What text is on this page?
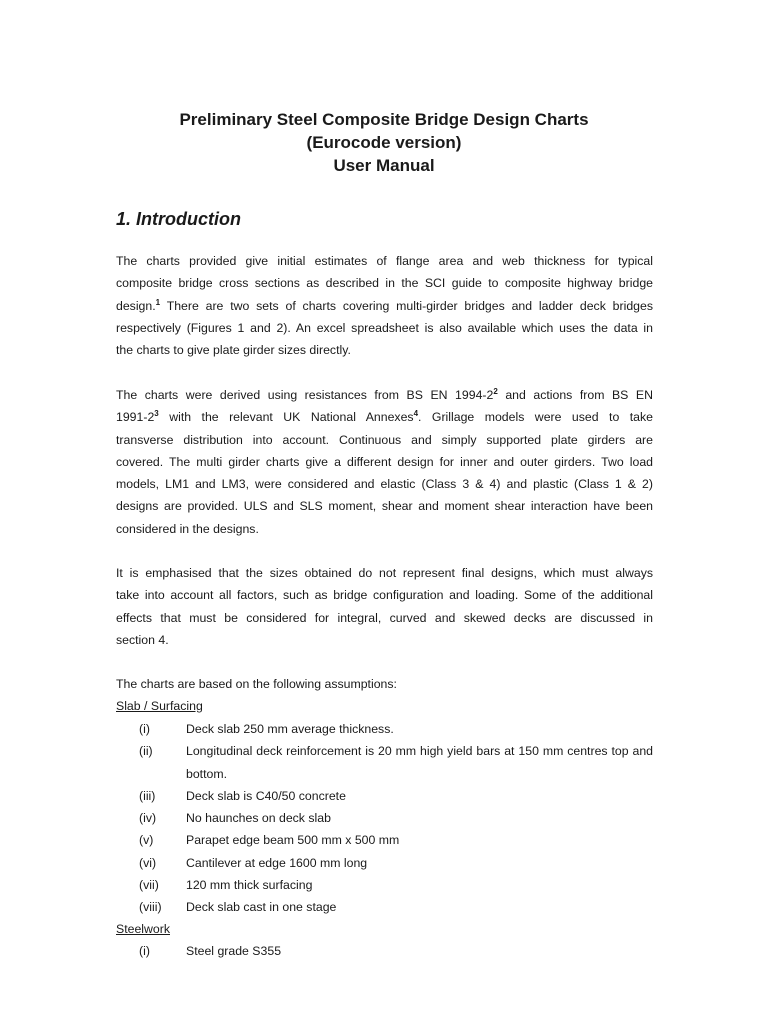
Preliminary Steel Composite Bridge Design Charts
(Eurocode version)
User Manual
1. Introduction
The charts provided give initial estimates of flange area and web thickness for typical
composite bridge cross sections as described in the SCI guide to composite highway bridge
design.$^1$ There are two sets of charts covering multi-girder bridges and ladder deck bridges
respectively (Figures 1 and 2). An excel spreadsheet is also available which uses the data in
the charts to give plate girder sizes directly.
The charts were derived using resistances from BS EN $1994-2^2$ and actions from BS EN
$1991-2^3$ with the relevant UK National Annexes$^4$. Grillage models were used to take
transverse distribution into account. Continuous and simply supported plate girders are
covered. The multi girder charts give a different design for inner and outer girders. Two load
models, LM1 and LM3, were considered and elastic (Class 3 & 4) and plastic (Class 1 & 2)
designs are provided. ULS and SLS moment, shear and moment shear interaction have been
considered in the designs.
It is emphasised that the sizes obtained do not represent final designs, which must always
take into account all factors, such as bridge configuration and loading. Some of the additional
effects that must be considered for integral, curved and skewed decks are discussed in
section 4.
The charts are based on the following assumptions:
Slab / Surfacing
(i)	Deck slab 250 mm average thickness.
(ii)	Longitudinal deck reinforcement is 20 mm high yield bars at 150 mm centres top and bottom.
(iii)	Deck slab is C40/50 concrete
(iv)	No haunches on deck slab
(v)	Parapet edge beam 500 mm x 500 mm
(vi)	Cantilever at edge 1600 mm long
(vii)	120 mm thick surfacing
(viii)	Deck slab cast in one stage
Steelwork
(i)	Steel grade S355
